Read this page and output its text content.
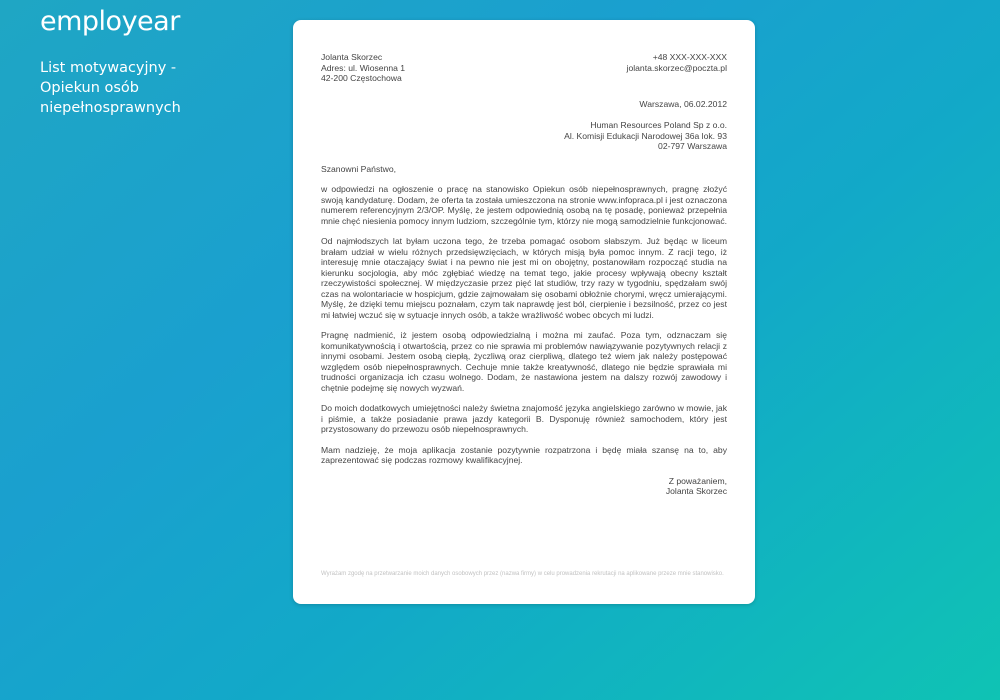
employear
List motywacyjny - Opiekun osób niepełnosprawnych
Jolanta Skorzec
Adres: ul. Wiosenna 1
42-200 Częstochowa
+48 XXX-XXX-XXX
jolanta.skorzec@poczta.pl
Warszawa, 06.02.2012
Human Resources Poland Sp z o.o.
Al. Komisji Edukacji Narodowej 36a lok. 93
02-797 Warszawa
Szanowni Państwo,
w odpowiedzi na ogłoszenie o pracę na stanowisko Opiekun osób niepełnosprawnych, pragnę złożyć swoją kandydaturę. Dodam, że oferta ta została umieszczona na stronie www.infopraca.pl i jest oznaczona numerem referencyjnym 2/3/OP. Myślę, że jestem odpowiednią osobą na tę posadę, ponieważ przepełnia mnie chęć niesienia pomocy innym ludziom, szczególnie tym, którzy nie mogą samodzielnie funkcjonować.
Od najmłodszych lat byłam uczona tego, że trzeba pomagać osobom słabszym. Już będąc w liceum brałam udział w wielu różnych przedsięwzięciach, w których misją była pomoc innym. Z racji tego, iż interesuję mnie otaczający świat i na pewno nie jest mi on obojętny, postanowiłam rozpocząć studia na kierunku socjologia, aby móc zgłębiać wiedzę na temat tego, jakie procesy wpływają obecny kształt rzeczywistości społecznej. W międzyczasie przez pięć lat studiów, trzy razy w tygodniu, spędzałam swój czas na wolontariacie w hospicjum, gdzie zajmowałam się osobami obłożnie chorymi, wręcz umierającymi. Myślę, że dzięki temu miejscu poznałam, czym tak naprawdę jest ból, cierpienie i bezsilność, przez co jest mi łatwiej wczuć się w sytuacje innych osób, a także wrażliwość wobec obcych mi ludzi.
Pragnę nadmienić, iż jestem osobą odpowiedzialną i można mi zaufać. Poza tym, odznaczam się komunikatywnością i otwartością, przez co nie sprawia mi problemów nawiązywanie pozytywnych relacji z innymi osobami. Jestem osobą ciepłą, życzliwą oraz cierpliwą, dlatego też wiem jak należy postępować względem osób niepełnosprawnych. Cechuje mnie także kreatywność, dlatego nie będzie sprawiała mi trudności organizacja ich czasu wolnego. Dodam, że nastawiona jestem na dalszy rozwój zawodowy i chętnie podejmę się nowych wyzwań.
Do moich dodatkowych umiejętności należy świetna znajomość języka angielskiego zarówno w mowie, jak i piśmie, a także posiadanie prawa jazdy kategorii B. Dysponuję również samochodem, który jest przystosowany do przewozu osób niepełnosprawnych.
Mam nadzieję, że moja aplikacja zostanie pozytywnie rozpatrzona i będę miała szansę na to, aby zaprezentować się podczas rozmowy kwalifikacyjnej.
Z poważaniem,
Jolanta Skorzec
Wyrażam zgodę na przetwarzanie moich danych osobowych przez (nazwa firmy) w celu prowadzenia rekrutacji na aplikowane przeze mnie stanowisko.
